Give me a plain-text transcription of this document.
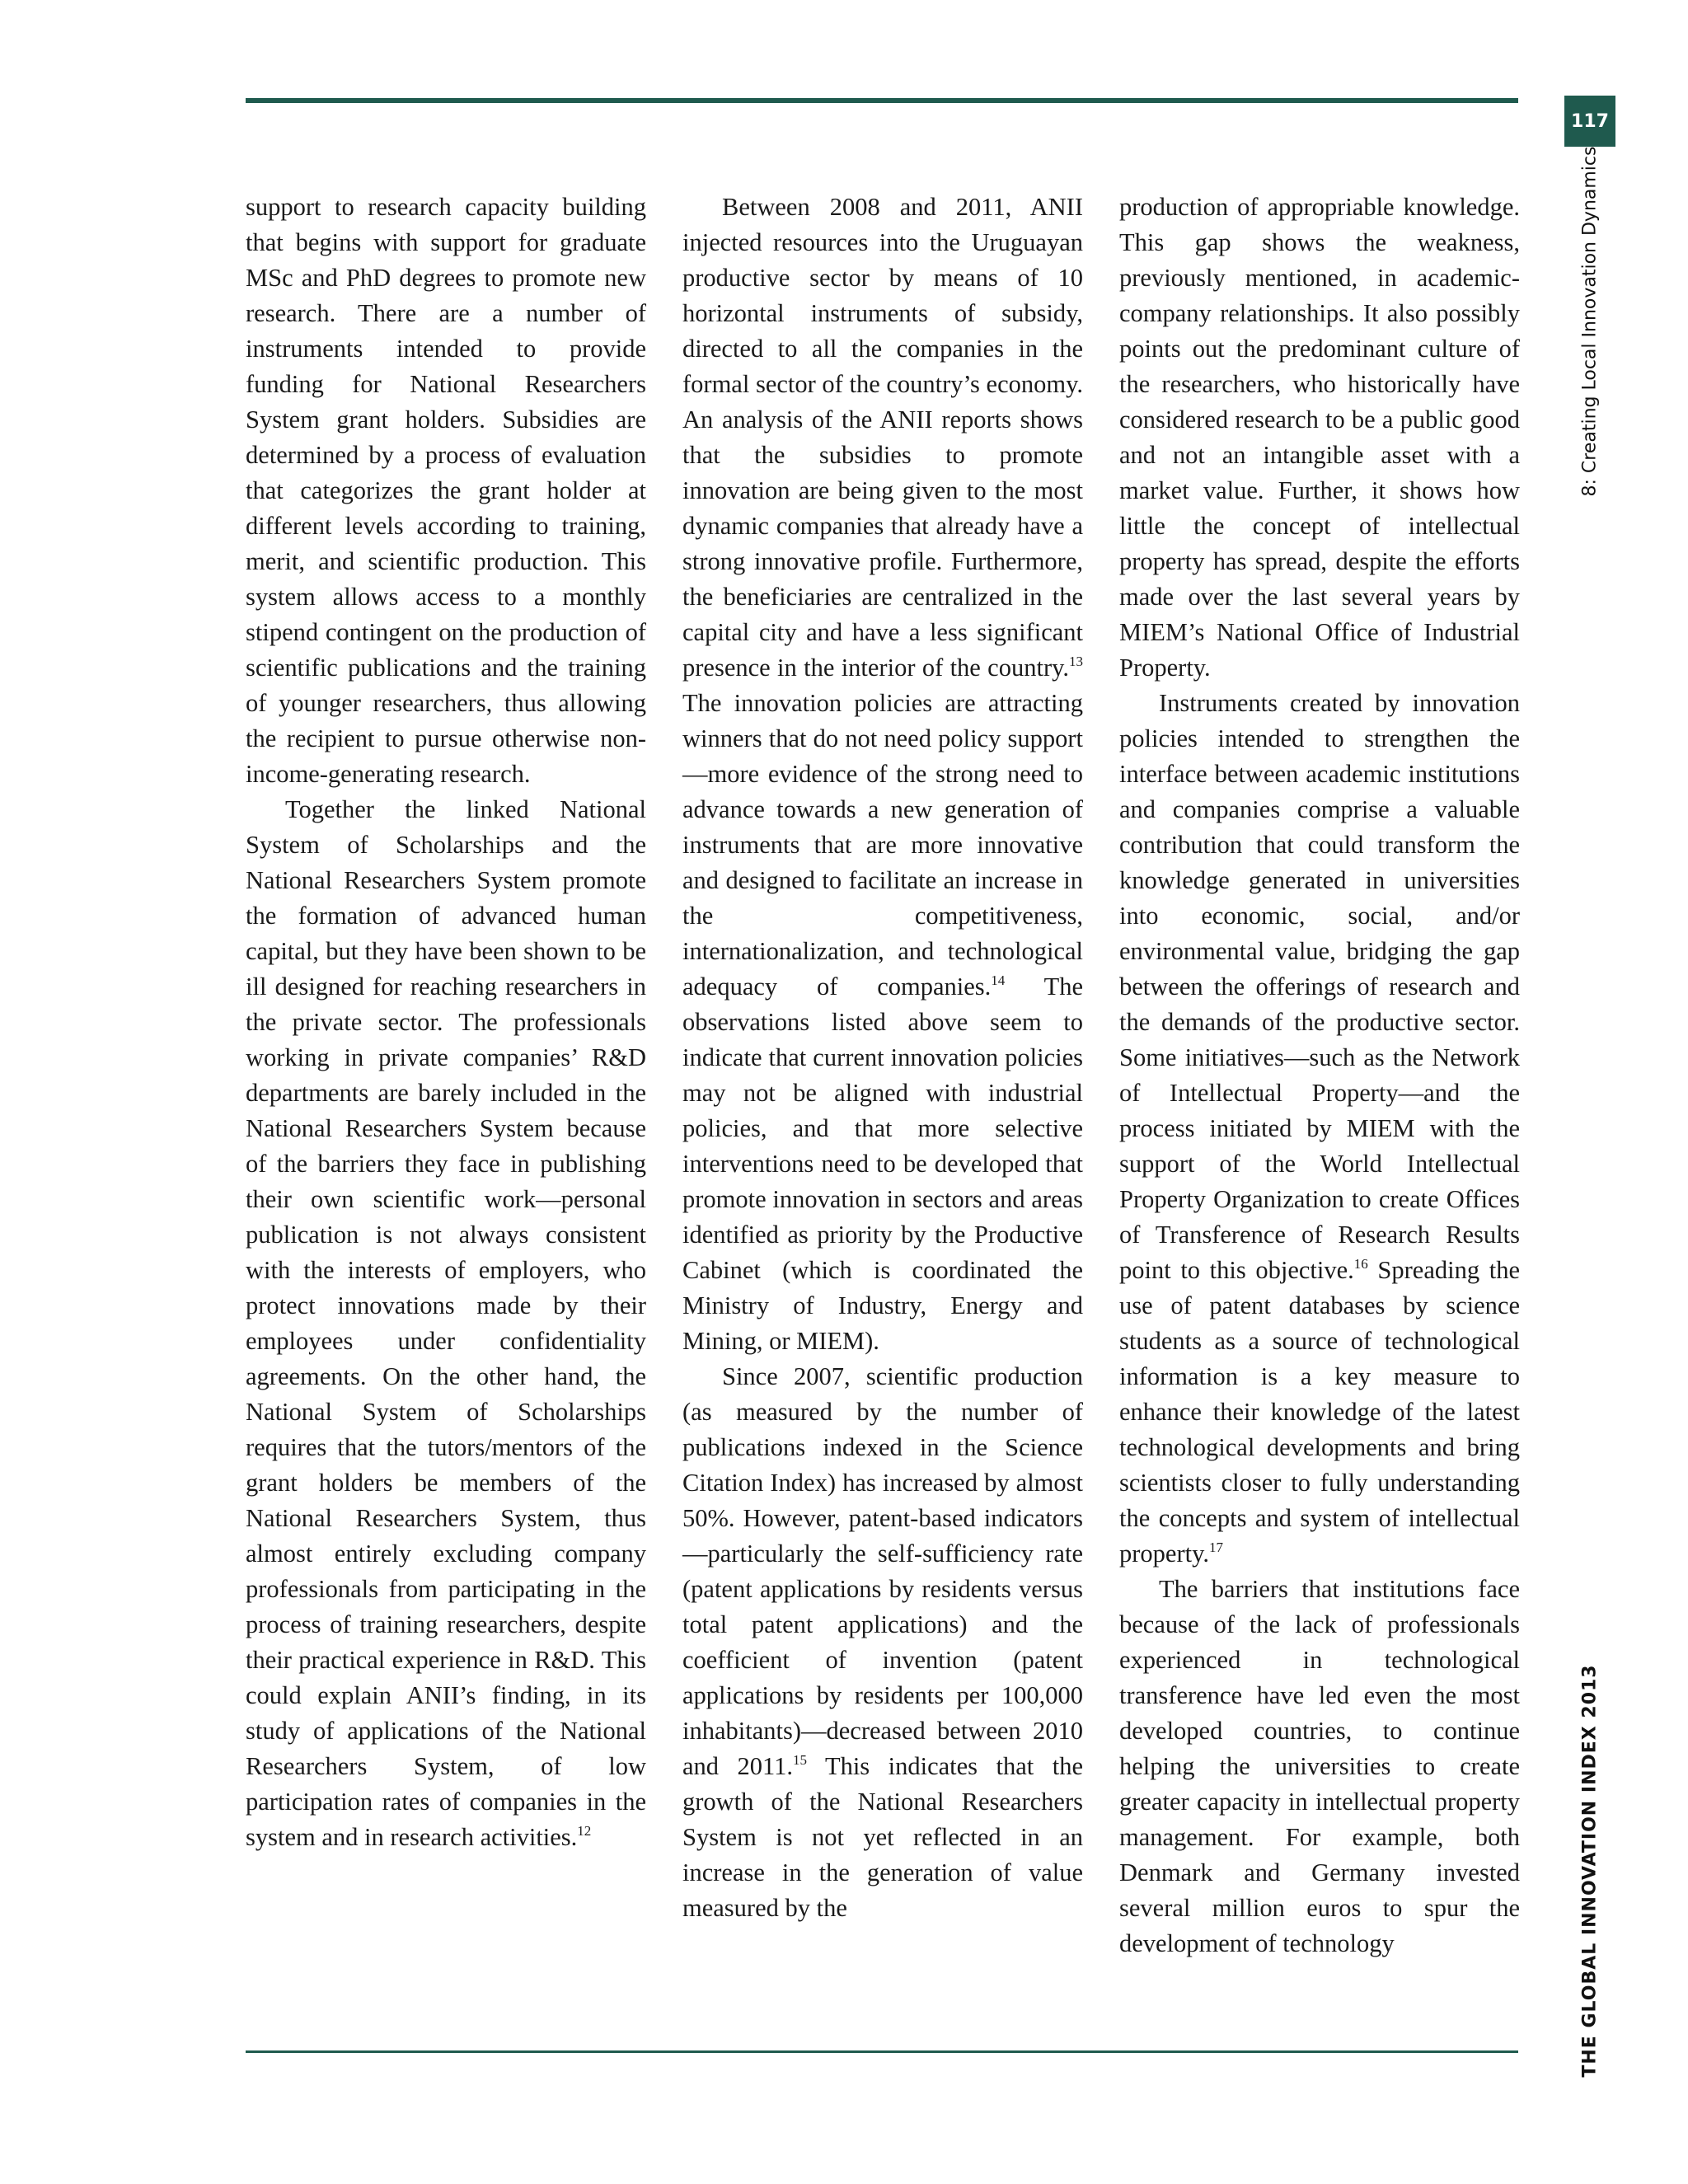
117
8: Creating Local Innovation Dynamics
THE GLOBAL INNOVATION INDEX 2013

support to research capacity building that begins with support for graduate MSc and PhD degrees to promote new research. There are a number of instruments intended to provide funding for National Researchers System grant holders. Subsidies are determined by a process of evaluation that categorizes the grant holder at different levels according to training, merit, and scientific production. This system allows access to a monthly stipend contingent on the production of scientific publications and the training of younger researchers, thus allowing the recipient to pursue otherwise non-income-generating research.

Together the linked National System of Scholarships and the National Researchers System promote the formation of advanced human capital, but they have been shown to be ill designed for reaching researchers in the private sector. The professionals working in private companies’ R&D departments are barely included in the National Researchers System because of the barriers they face in publishing their own scientific work—personal publication is not always consistent with the interests of employers, who protect innovations made by their employees under confidentiality agreements. On the other hand, the National System of Scholarships requires that the tutors/mentors of the grant holders be members of the National Researchers System, thus almost entirely excluding company professionals from participating in the process of training researchers, despite their practical experience in R&D. This could explain ANII’s finding, in its study of applications of the National Researchers System, of low participation rates of companies in the system and in research activities.$^{12}$

Between 2008 and 2011, ANII injected resources into the Uruguayan productive sector by means of 10 horizontal instruments of subsidy, directed to all the companies in the formal sector of the country’s economy. An analysis of the ANII reports shows that the subsidies to promote innovation are being given to the most dynamic companies that already have a strong innovative profile. Furthermore, the beneficiaries are centralized in the capital city and have a less significant presence in the interior of the country.$^{13}$ The innovation policies are attracting winners that do not need policy support—more evidence of the strong need to advance towards a new generation of instruments that are more innovative and designed to facilitate an increase in the competitiveness, internationalization, and technological adequacy of companies.$^{14}$ The observations listed above seem to indicate that current innovation policies may not be aligned with industrial policies, and that more selective interventions need to be developed that promote innovation in sectors and areas identified as priority by the Productive Cabinet (which is coordinated the Ministry of Industry, Energy and Mining, or MIEM).

Since 2007, scientific production (as measured by the number of publications indexed in the Science Citation Index) has increased by almost 50%. However, patent-based indicators—particularly the self-sufficiency rate (patent applications by residents versus total patent applications) and the coefficient of invention (patent applications by residents per 100,000 inhabitants)—decreased between 2010 and 2011.15 This indicates that the growth of the National Researchers System is not yet reflected in an increase in the generation of value measured by the

production of appropriable knowledge. This gap shows the weakness, previously mentioned, in academic-company relationships. It also possibly points out the predominant culture of the researchers, who historically have considered research to be a public good and not an intangible asset with a market value. Further, it shows how little the concept of intellectual property has spread, despite the efforts made over the last several years by MIEM’s National Office of Industrial Property.

Instruments created by innovation policies intended to strengthen the interface between academic institutions and companies comprise a valuable contribution that could transform the knowledge generated in universities into economic, social, and/or environmental value, bridging the gap between the offerings of research and the demands of the productive sector. Some initiatives—such as the Network of Intellectual Property—and the process initiated by MIEM with the support of the World Intellectual Property Organization to create Offices of Transference of Research Results point to this objective.$^{16}$ Spreading the use of patent databases by science students as a source of technological information is a key measure to enhance their knowledge of the latest technological developments and bring scientists closer to fully understanding the concepts and system of intellectual property.$^{17}$

The barriers that institutions face because of the lack of professionals experienced in technological transference have led even the most developed countries, to continue helping the universities to create greater capacity in intellectual property management. For example, both Denmark and Germany invested several million euros to spur the development of technology
